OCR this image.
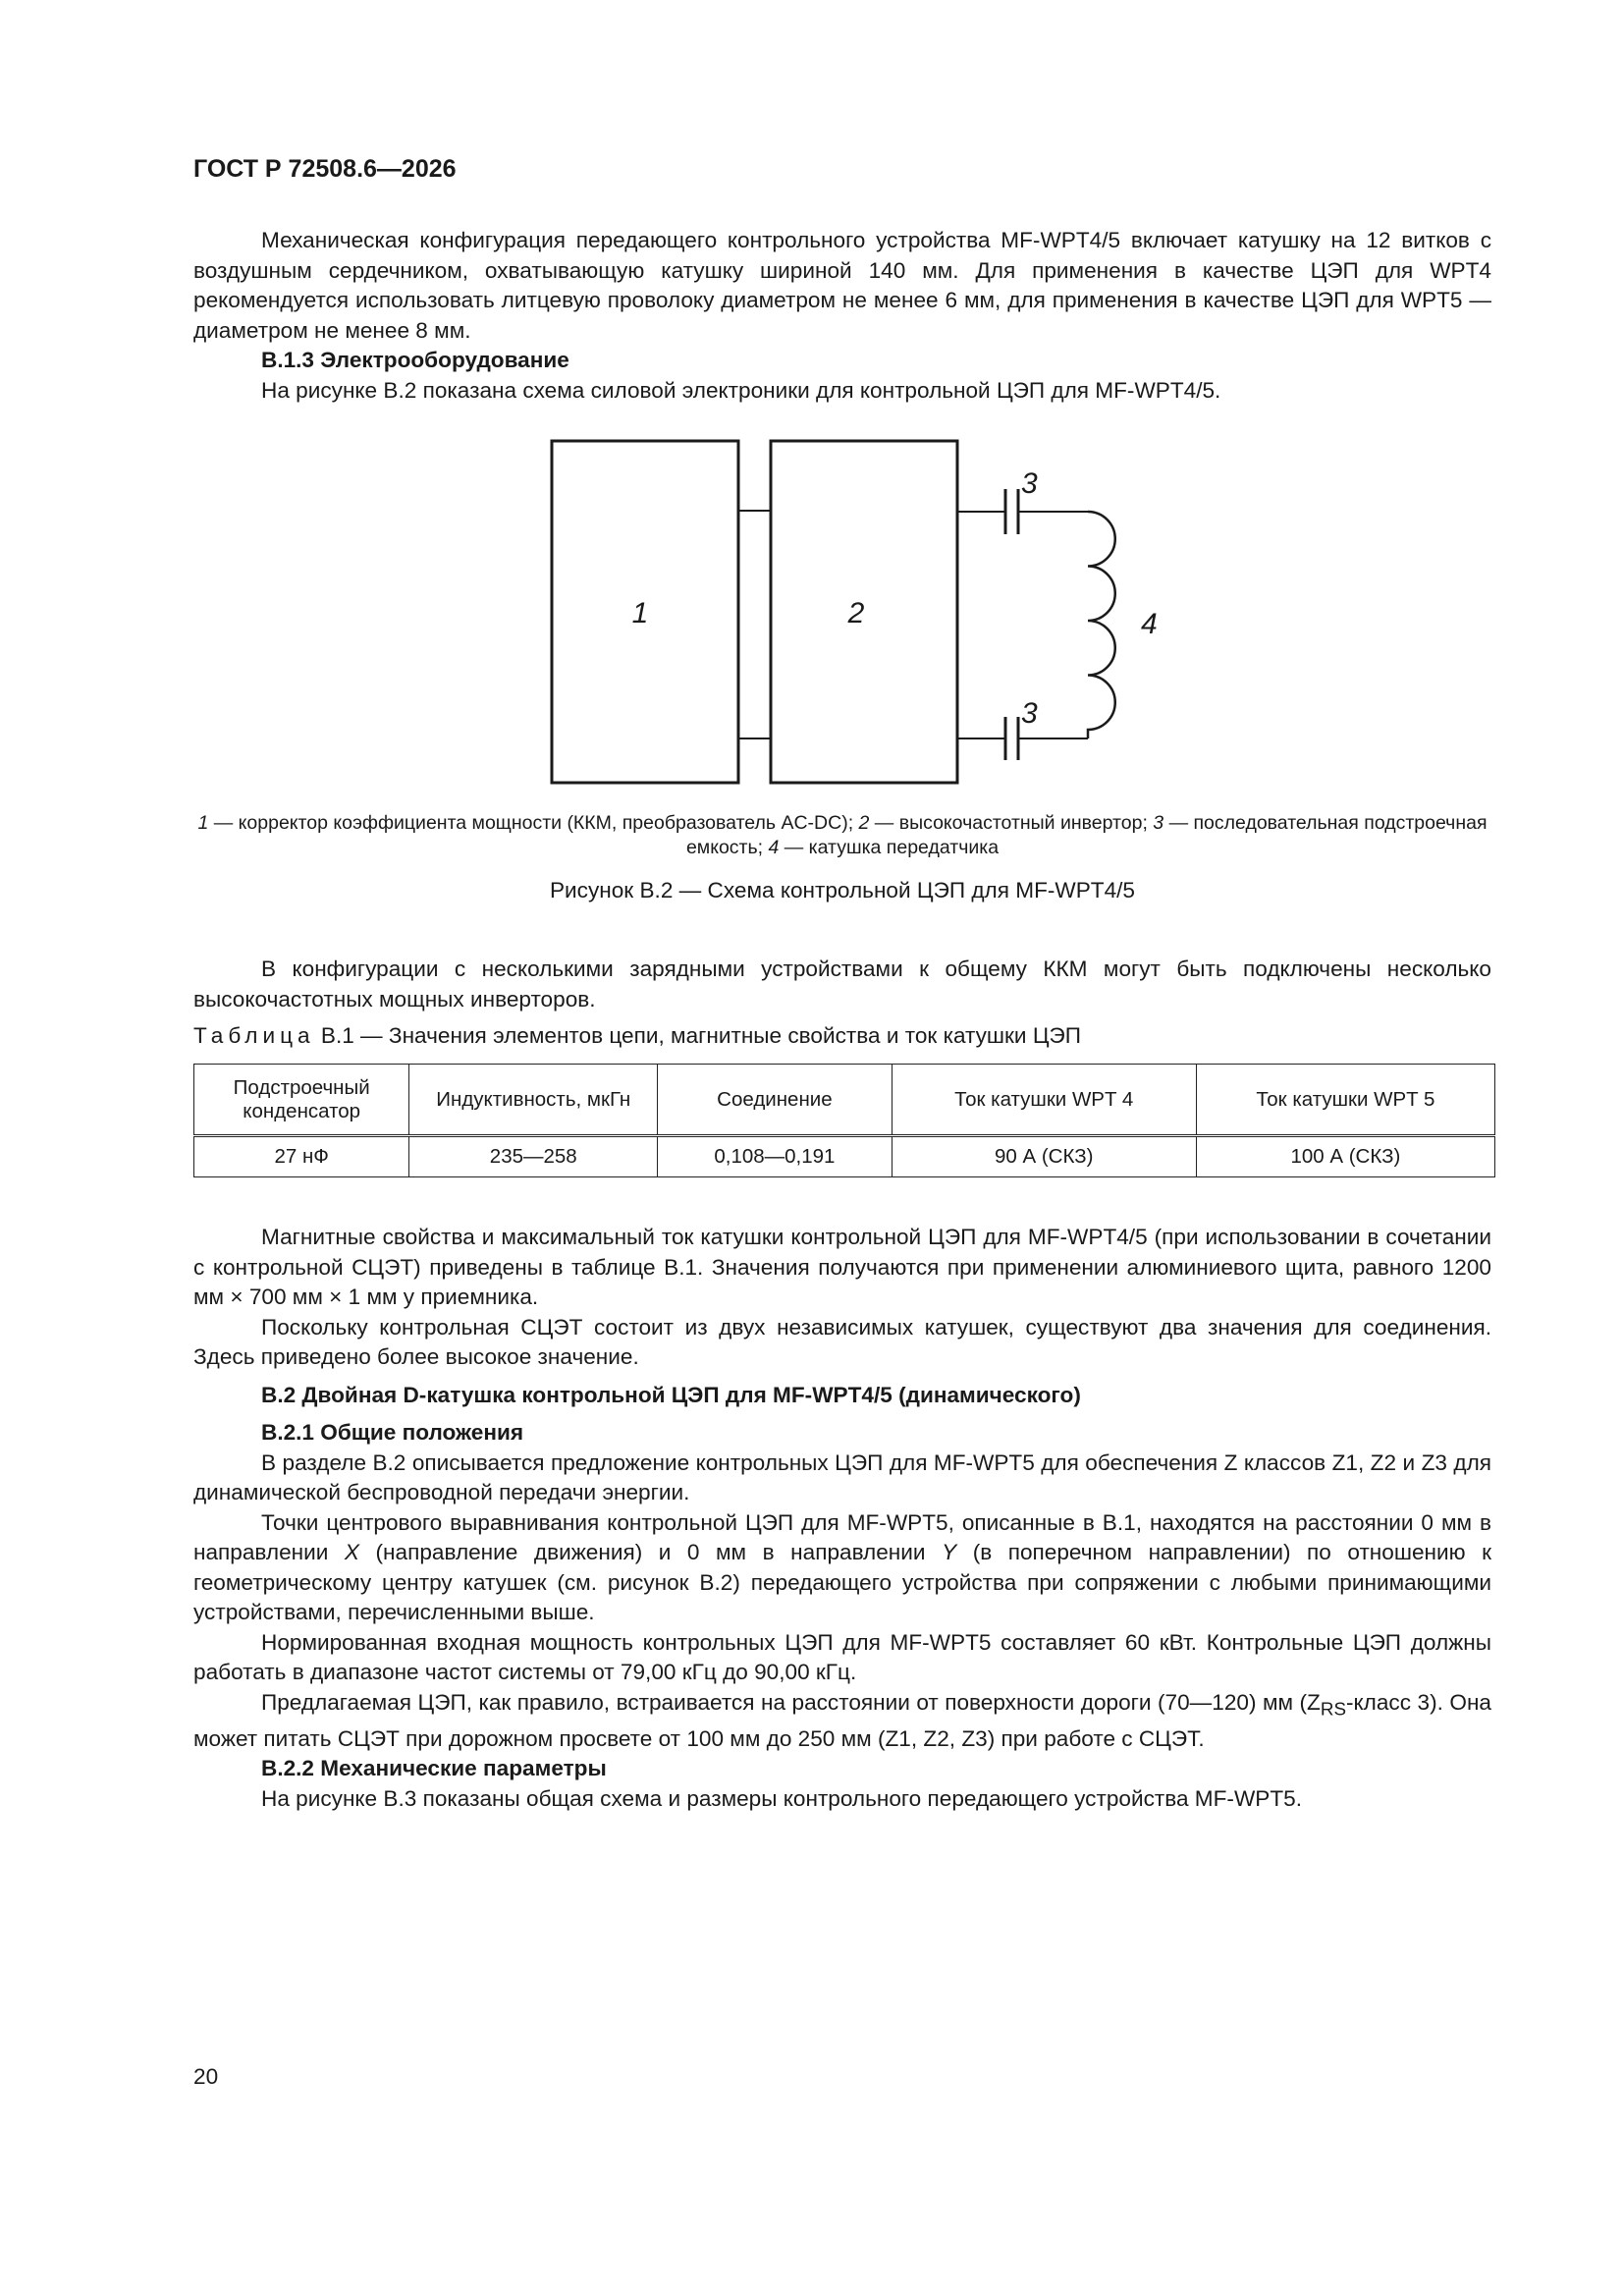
ГОСТ Р 72508.6—2026

Механическая конфигурация передающего контрольного устройства MF-WPT4/5 включает катушку на 12 витков с воздушным сердечником, охватывающую катушку шириной 140 мм. Для применения в качестве ЦЭП для WPT4 рекомендуется использовать литцевую проволоку диаметром не менее 6 мм, для применения в качестве ЦЭП для WPT5 — диаметром не менее 8 мм.

В.1.3 Электрооборудование

На рисунке В.2 показана схема силовой электроники для контрольной ЦЭП для MF-WPT4/5.

1	2
3
3
4
1 — корректор коэффициента мощности (ККМ, преобразователь AC-DC); 2 — высокочастотный инвертор; 3 — последовательная подстроечная емкость; 4 — катушка передатчика
Рисунок В.2 — Схема контрольной ЦЭП для MF-WPT4/5

В конфигурации с несколькими зарядными устройствами к общему ККМ могут быть подключены несколько высокочастотных мощных инверторов.

Таблица В.1 — Значения элементов цепи, магнитные свойства и ток катушки ЦЭП
Подстроечный конденсатор	Индуктивность, мкГн	Соединение	Ток катушки WPT 4	Ток катушки WPT 5
27 нФ	235—258	0,108—0,191	90 А (СКЗ)	100 А (СКЗ)

Магнитные свойства и максимальный ток катушки контрольной ЦЭП для MF-WPT4/5 (при использовании в сочетании с контрольной СЦЭТ) приведены в таблице В.1. Значения получаются при применении алюминиевого щита, равного 1200 мм × 700 мм × 1 мм у приемника.

Поскольку контрольная СЦЭТ состоит из двух независимых катушек, существуют два значения для соединения. Здесь приведено более высокое значение.

В.2 Двойная D-катушка контрольной ЦЭП для MF-WPT4/5 (динамического)

В.2.1 Общие положения

В разделе В.2 описывается предложение контрольных ЦЭП для MF-WPT5 для обеспечения Z классов Z1, Z2 и Z3 для динамической беспроводной передачи энергии.

Точки центрового выравнивания контрольной ЦЭП для MF-WPT5, описанные в В.1, находятся на расстоянии 0 мм в направлении X (направление движения) и 0 мм в направлении Y (в поперечном направлении) по отношению к геометрическому центру катушек (см. рисунок В.2) передающего устройства при сопряжении с любыми принимающими устройствами, перечисленными выше.

Нормированная входная мощность контрольных ЦЭП для MF-WPT5 составляет 60 кВт. Контрольные ЦЭП должны работать в диапазоне частот системы от 79,00 кГц до 90,00 кГц.

Предлагаемая ЦЭП, как правило, встраивается на расстоянии от поверхности дороги (70—120) мм ($Z_{RS}$-класс 3). Она может питать СЦЭТ при дорожном просвете от 100 мм до 250 мм (Z1, Z2, Z3) при работе с СЦЭТ.

В.2.2 Механические параметры

На рисунке В.3 показаны общая схема и размеры контрольного передающего устройства MF-WPT5.

20
